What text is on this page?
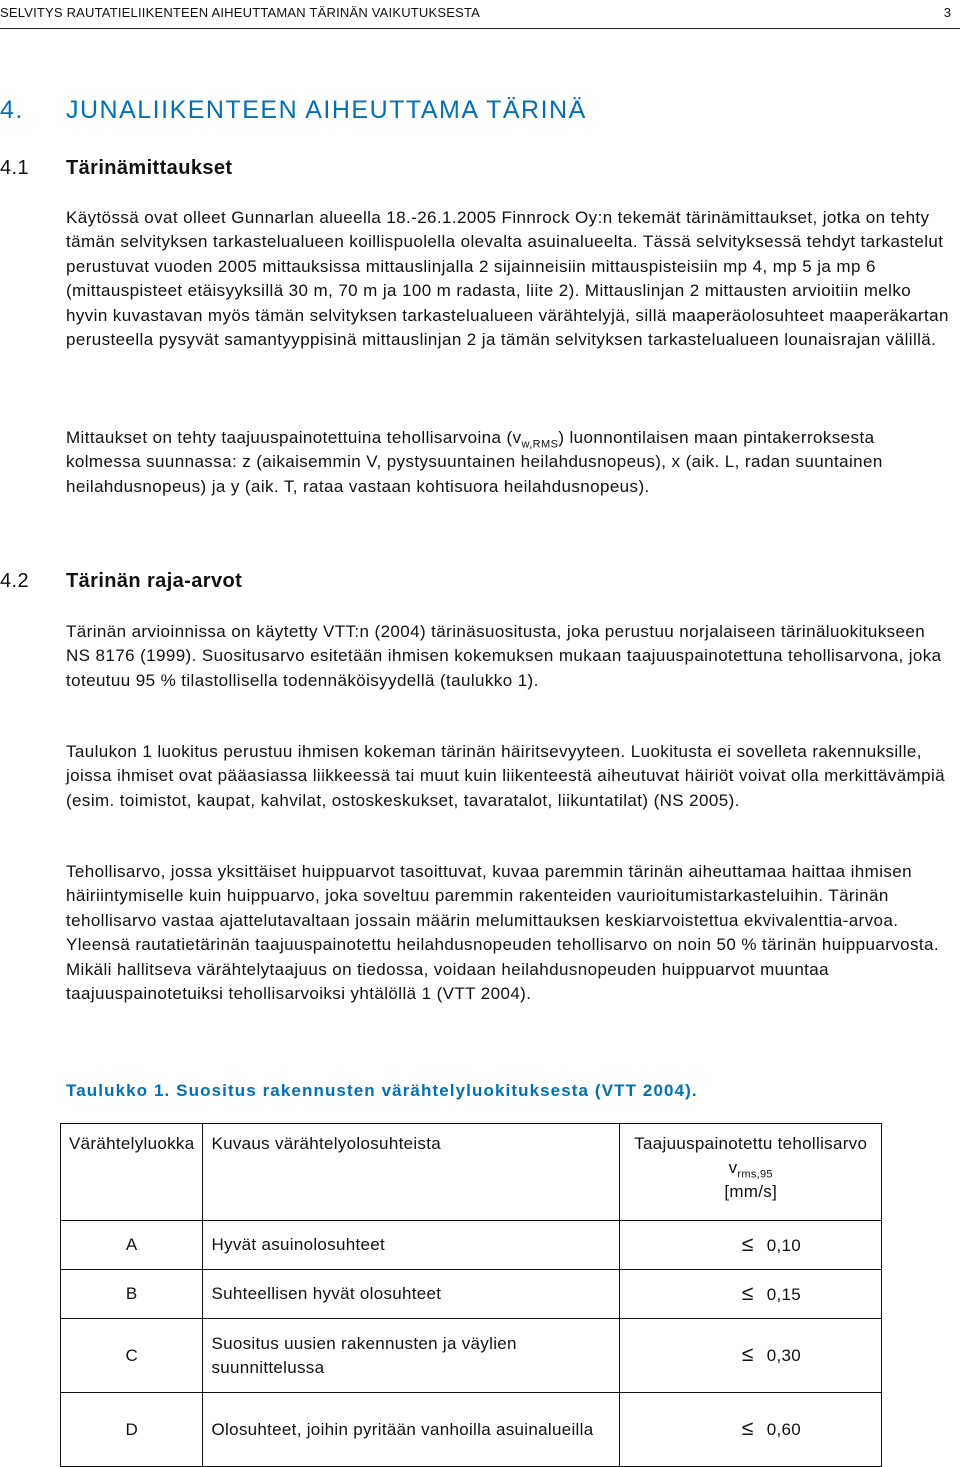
SELVITYS RAUTATIELIIKENTEEN AIHEUTTAMAN TÄRINÄN VAIKUTUKSESTA	3
4. JUNALIIKENTEEN AIHEUTTAMA TÄRINÄ
4.1 Tärinämittaukset
Käytössä ovat olleet Gunnarlan alueella 18.-26.1.2005 Finnrock Oy:n tekemät tärinämittaukset, jotka on tehty tämän selvityksen tarkastelualueen koillispuolella olevalta asuinalueelta. Tässä selvityksessä tehdyt tarkastelut perustuvat vuoden 2005 mittauksissa mittauslinjalla 2 sijainneisiin mittauspisteisiin mp 4, mp 5 ja mp 6 (mittauspisteet etäisyyksillä 30 m, 70 m ja 100 m radasta, liite 2). Mittauslinjan 2 mittausten arvioitiin melko hyvin kuvastavan myös tämän selvityksen tarkastelualueen värähtelyjä, sillä maaperäolosuhteet maaperäkartan perusteella pysyvät samantyyppisinä mittauslinjan 2 ja tämän selvityksen tarkastelualueen lounaisrajan välillä.
Mittaukset on tehty taajuuspainotettuina tehollisarvoina $(v_{w,RMS})$ luonnontilaisen maan pintakerroksesta kolmessa suunnassa: z (aikaisemmin V, pystysuuntainen heilahdusnopeus), x (aik. L, radan suuntainen heilahdusnopeus) ja y (aik. T, rataa vastaan kohtisuora heilahdusnopeus).
4.2 Tärinän raja-arvot
Tärinän arvioinnissa on käytetty VTT:n (2004) tärinäsuositusta, joka perustuu norjalaiseen tärinäluokitukseen NS 8176 (1999). Suositusarvo esitetään ihmisen kokemuksen mukaan taajuuspainotettuna tehollisarvona, joka toteutuu 95 % tilastollisella todennäköisyydellä (taulukko 1).
Taulukon 1 luokitus perustuu ihmisen kokeman tärinän häiritsevyyteen. Luokitusta ei sovelleta rakennuksille, joissa ihmiset ovat pääasiassa liikkeessä tai muut kuin liikenteestä aiheutuvat häiriöt voivat olla merkittävämpiä (esim. toimistot, kaupat, kahvilat, ostoskeskukset, tavaratalot, liikuntatilat) (NS 2005).
Tehollisarvo, jossa yksittäiset huippuarvot tasoittuvat, kuvaa paremmin tärinän aiheuttamaa haittaa ihmisen häiriintymiselle kuin huippuarvo, joka soveltuu paremmin rakenteiden vaurioitumistarkasteluihin. Tärinän tehollisarvo vastaa ajattelutavaltaan jossain määrin melumittauksen keskiarvoistettua ekvivalenttia-arvoa. Yleensä rautatietärinän taajuuspainotettu heilahdusnopeuden tehollisarvo on noin 50 % tärinän huippuarvosta. Mikäli hallitseva värähtelytaajuus on tiedossa, voidaan heilahdusnopeuden huippuarvot muuntaa taajuuspainotetuiksi tehollisarvoiksi yhtälöllä 1 (VTT 2004).
Taulukko 1. Suositus rakennusten värähtelyluokituksesta (VTT 2004).
Värähtelyluokka	Kuvaus värähtelyolosuhteista	Taajuuspainotettu tehollisarvo
$v_{rms,95}$
[mm/s]

A	Hyvät asuinolosuhteet	≤ 0,10
B	Suhteellisen hyvät olosuhteet	≤ 0,15
C	Suositus uusien rakennusten ja väylien suunnittelussa	≤ 0,30
D	Olosuhteet, joihin pyritään vanhoilla asuinalueilla	≤ 0,60
